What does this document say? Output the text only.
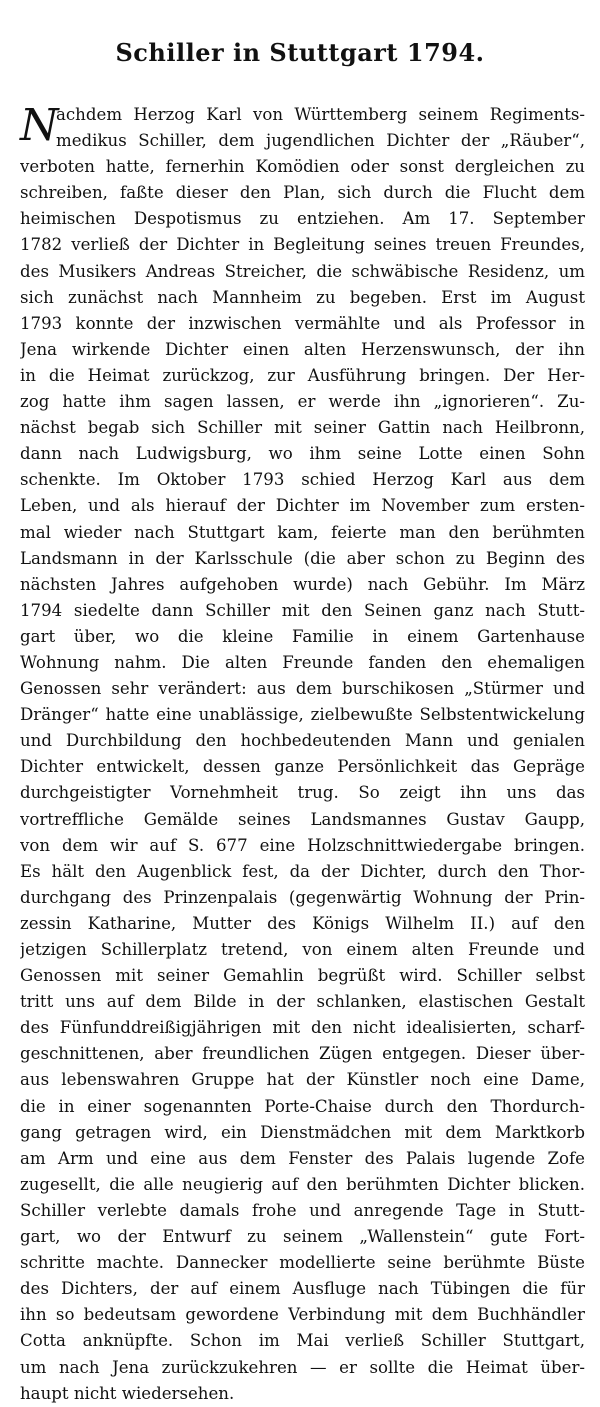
Schiller in Stuttgart 1794.
N
achdem Herzog Karl von Württemberg seinem Regiments-
medikus Schiller, dem jugendlichen Dichter der „Räuber“,
verboten hatte, fernerhin Komödien oder sonst dergleichen zu
schreiben, faßte dieser den Plan, sich durch die Flucht dem
heimischen Despotismus zu entziehen. Am 17. September
1782 verließ der Dichter in Begleitung seines treuen Freundes,
des Musikers Andreas Streicher, die schwäbische Residenz, um
sich zunächst nach Mannheim zu begeben. Erst im August
1793 konnte der inzwischen vermählte und als Professor in
Jena wirkende Dichter einen alten Herzenswunsch, der ihn
in die Heimat zurückzog, zur Ausführung bringen. Der Her-
zog hatte ihm sagen lassen, er werde ihn „ignorieren“. Zu-
nächst begab sich Schiller mit seiner Gattin nach Heilbronn,
dann nach Ludwigsburg, wo ihm seine Lotte einen Sohn
schenkte. Im Oktober 1793 schied Herzog Karl aus dem
Leben, und als hierauf der Dichter im November zum ersten-
mal wieder nach Stuttgart kam, feierte man den berühmten
Landsmann in der Karlsschule (die aber schon zu Beginn des
nächsten Jahres aufgehoben wurde) nach Gebühr. Im März
1794 siedelte dann Schiller mit den Seinen ganz nach Stutt-
gart über, wo die kleine Familie in einem Gartenhause
Wohnung nahm. Die alten Freunde fanden den ehemaligen
Genossen sehr verändert: aus dem burschikosen „Stürmer und
Dränger“ hatte eine unablässige, zielbewußte Selbstentwickelung
und Durchbildung den hochbedeutenden Mann und genialen
Dichter entwickelt, dessen ganze Persönlichkeit das Gepräge
durchgeistigter Vornehmheit trug. So zeigt ihn uns das
vortreffliche Gemälde seines Landsmannes Gustav Gaupp,
von dem wir auf S. 677 eine Holzschnittwiedergabe bringen.
Es hält den Augenblick fest, da der Dichter, durch den Thor-
durchgang des Prinzenpalais (gegenwärtig Wohnung der Prin-
zessin Katharine, Mutter des Königs Wilhelm II.) auf den
jetzigen Schillerplatz tretend, von einem alten Freunde und
Genossen mit seiner Gemahlin begrüßt wird. Schiller selbst
tritt uns auf dem Bilde in der schlanken, elastischen Gestalt
des Fünfunddreißigjährigen mit den nicht idealisierten, scharf-
geschnittenen, aber freundlichen Zügen entgegen. Dieser über-
aus lebenswahren Gruppe hat der Künstler noch eine Dame,
die in einer sogenannten Porte-Chaise durch den Thordurch-
gang getragen wird, ein Dienstmädchen mit dem Marktkorb
am Arm und eine aus dem Fenster des Palais lugende Zofe
zugesellt, die alle neugierig auf den berühmten Dichter blicken.
Schiller verlebte damals frohe und anregende Tage in Stutt-
gart, wo der Entwurf zu seinem „Wallenstein“ gute Fort-
schritte machte. Dannecker modellierte seine berühmte Büste
des Dichters, der auf einem Ausfluge nach Tübingen die für
ihn so bedeutsam gewordene Verbindung mit dem Buchhändler
Cotta anknüpfte. Schon im Mai verließ Schiller Stuttgart,
um nach Jena zurückzukehren — er sollte die Heimat über-
haupt nicht wiedersehen.
